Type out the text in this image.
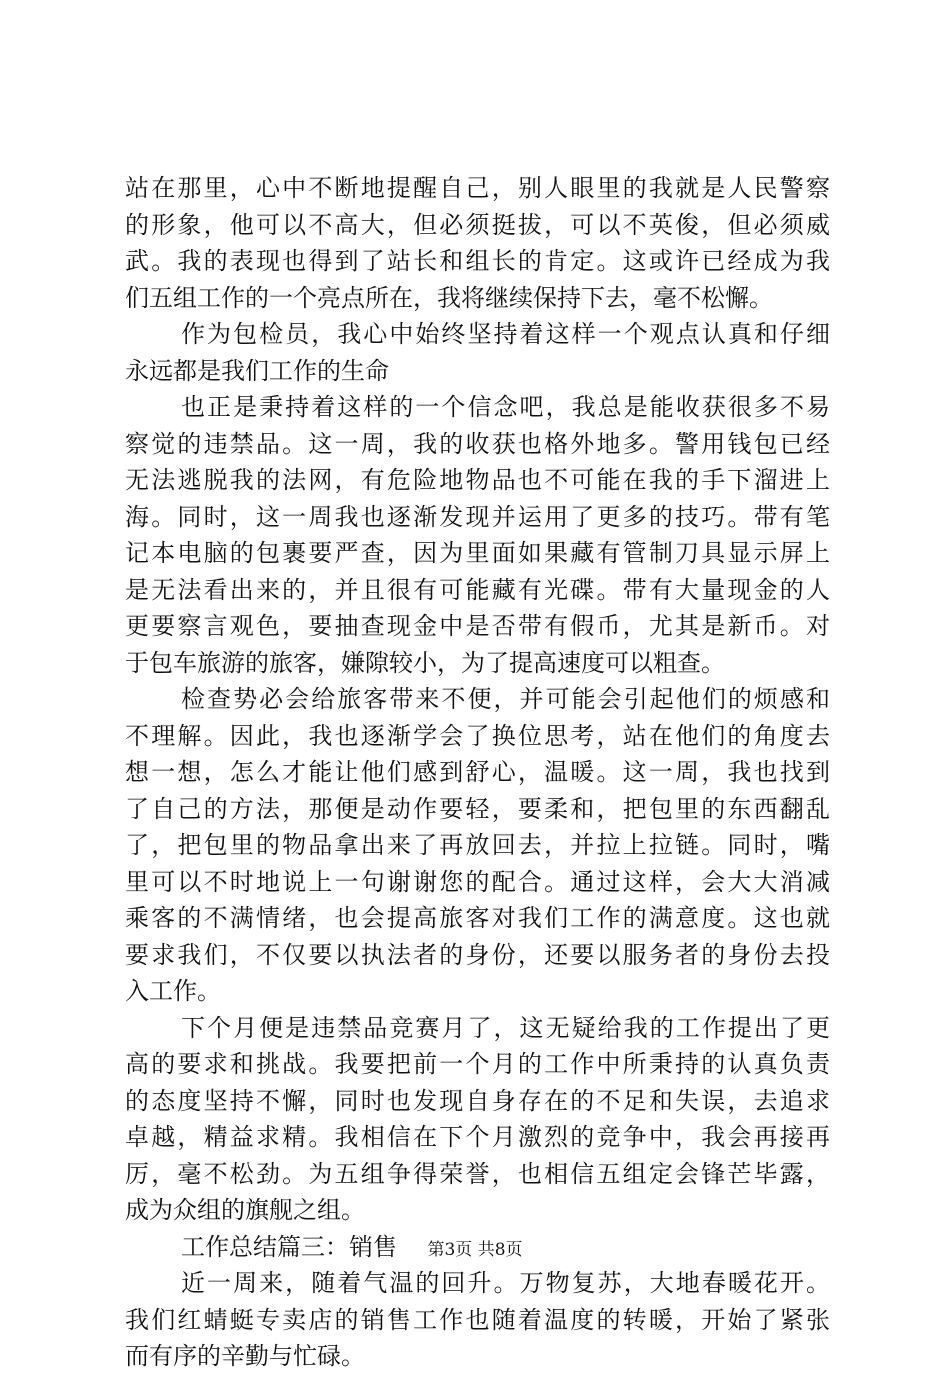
站在那里，心中不断地提醒自己，别人眼里的我就是人民警察
的形象，他可以不高大，但必须挺拔，可以不英俊，但必须威
武。我的表现也得到了站长和组长的肯定。这或许已经成为我
们五组工作的一个亮点所在，我将继续保持下去，毫不松懈。
作为包检员，我心中始终坚持着这样一个观点认真和仔细
永远都是我们工作的生命
也正是秉持着这样的一个信念吧，我总是能收获很多不易
察觉的违禁品。这一周，我的收获也格外地多。警用钱包已经
无法逃脱我的法网，有危险地物品也不可能在我的手下溜进上
海。同时，这一周我也逐渐发现并运用了更多的技巧。带有笔
记本电脑的包裹要严查，因为里面如果藏有管制刀具显示屏上
是无法看出来的，并且很有可能藏有光碟。带有大量现金的人
更要察言观色，要抽查现金中是否带有假币，尤其是新币。对
于包车旅游的旅客，嫌隙较小，为了提高速度可以粗查。
检查势必会给旅客带来不便，并可能会引起他们的烦感和
不理解。因此，我也逐渐学会了换位思考，站在他们的角度去
想一想，怎么才能让他们感到舒心，温暖。这一周，我也找到
了自己的方法，那便是动作要轻，要柔和，把包里的东西翻乱
了，把包里的物品拿出来了再放回去，并拉上拉链。同时，嘴
里可以不时地说上一句谢谢您的配合。通过这样，会大大消减
乘客的不满情绪，也会提高旅客对我们工作的满意度。这也就
要求我们，不仅要以执法者的身份，还要以服务者的身份去投
入工作。
下个月便是违禁品竞赛月了，这无疑给我的工作提出了更
高的要求和挑战。我要把前一个月的工作中所秉持的认真负责
的态度坚持不懈，同时也发现自身存在的不足和失误，去追求
卓越，精益求精。我相信在下个月激烈的竞争中，我会再接再
厉，毫不松劲。为五组争得荣誉，也相信五组定会锋芒毕露，
成为众组的旗舰之组。
工作总结篇三：销售
近一周来，随着气温的回升。万物复苏，大地春暖花开。
我们红蜻蜓专卖店的销售工作也随着温度的转暖，开始了紧张
而有序的辛勤与忙碌。
第3页 共8页
